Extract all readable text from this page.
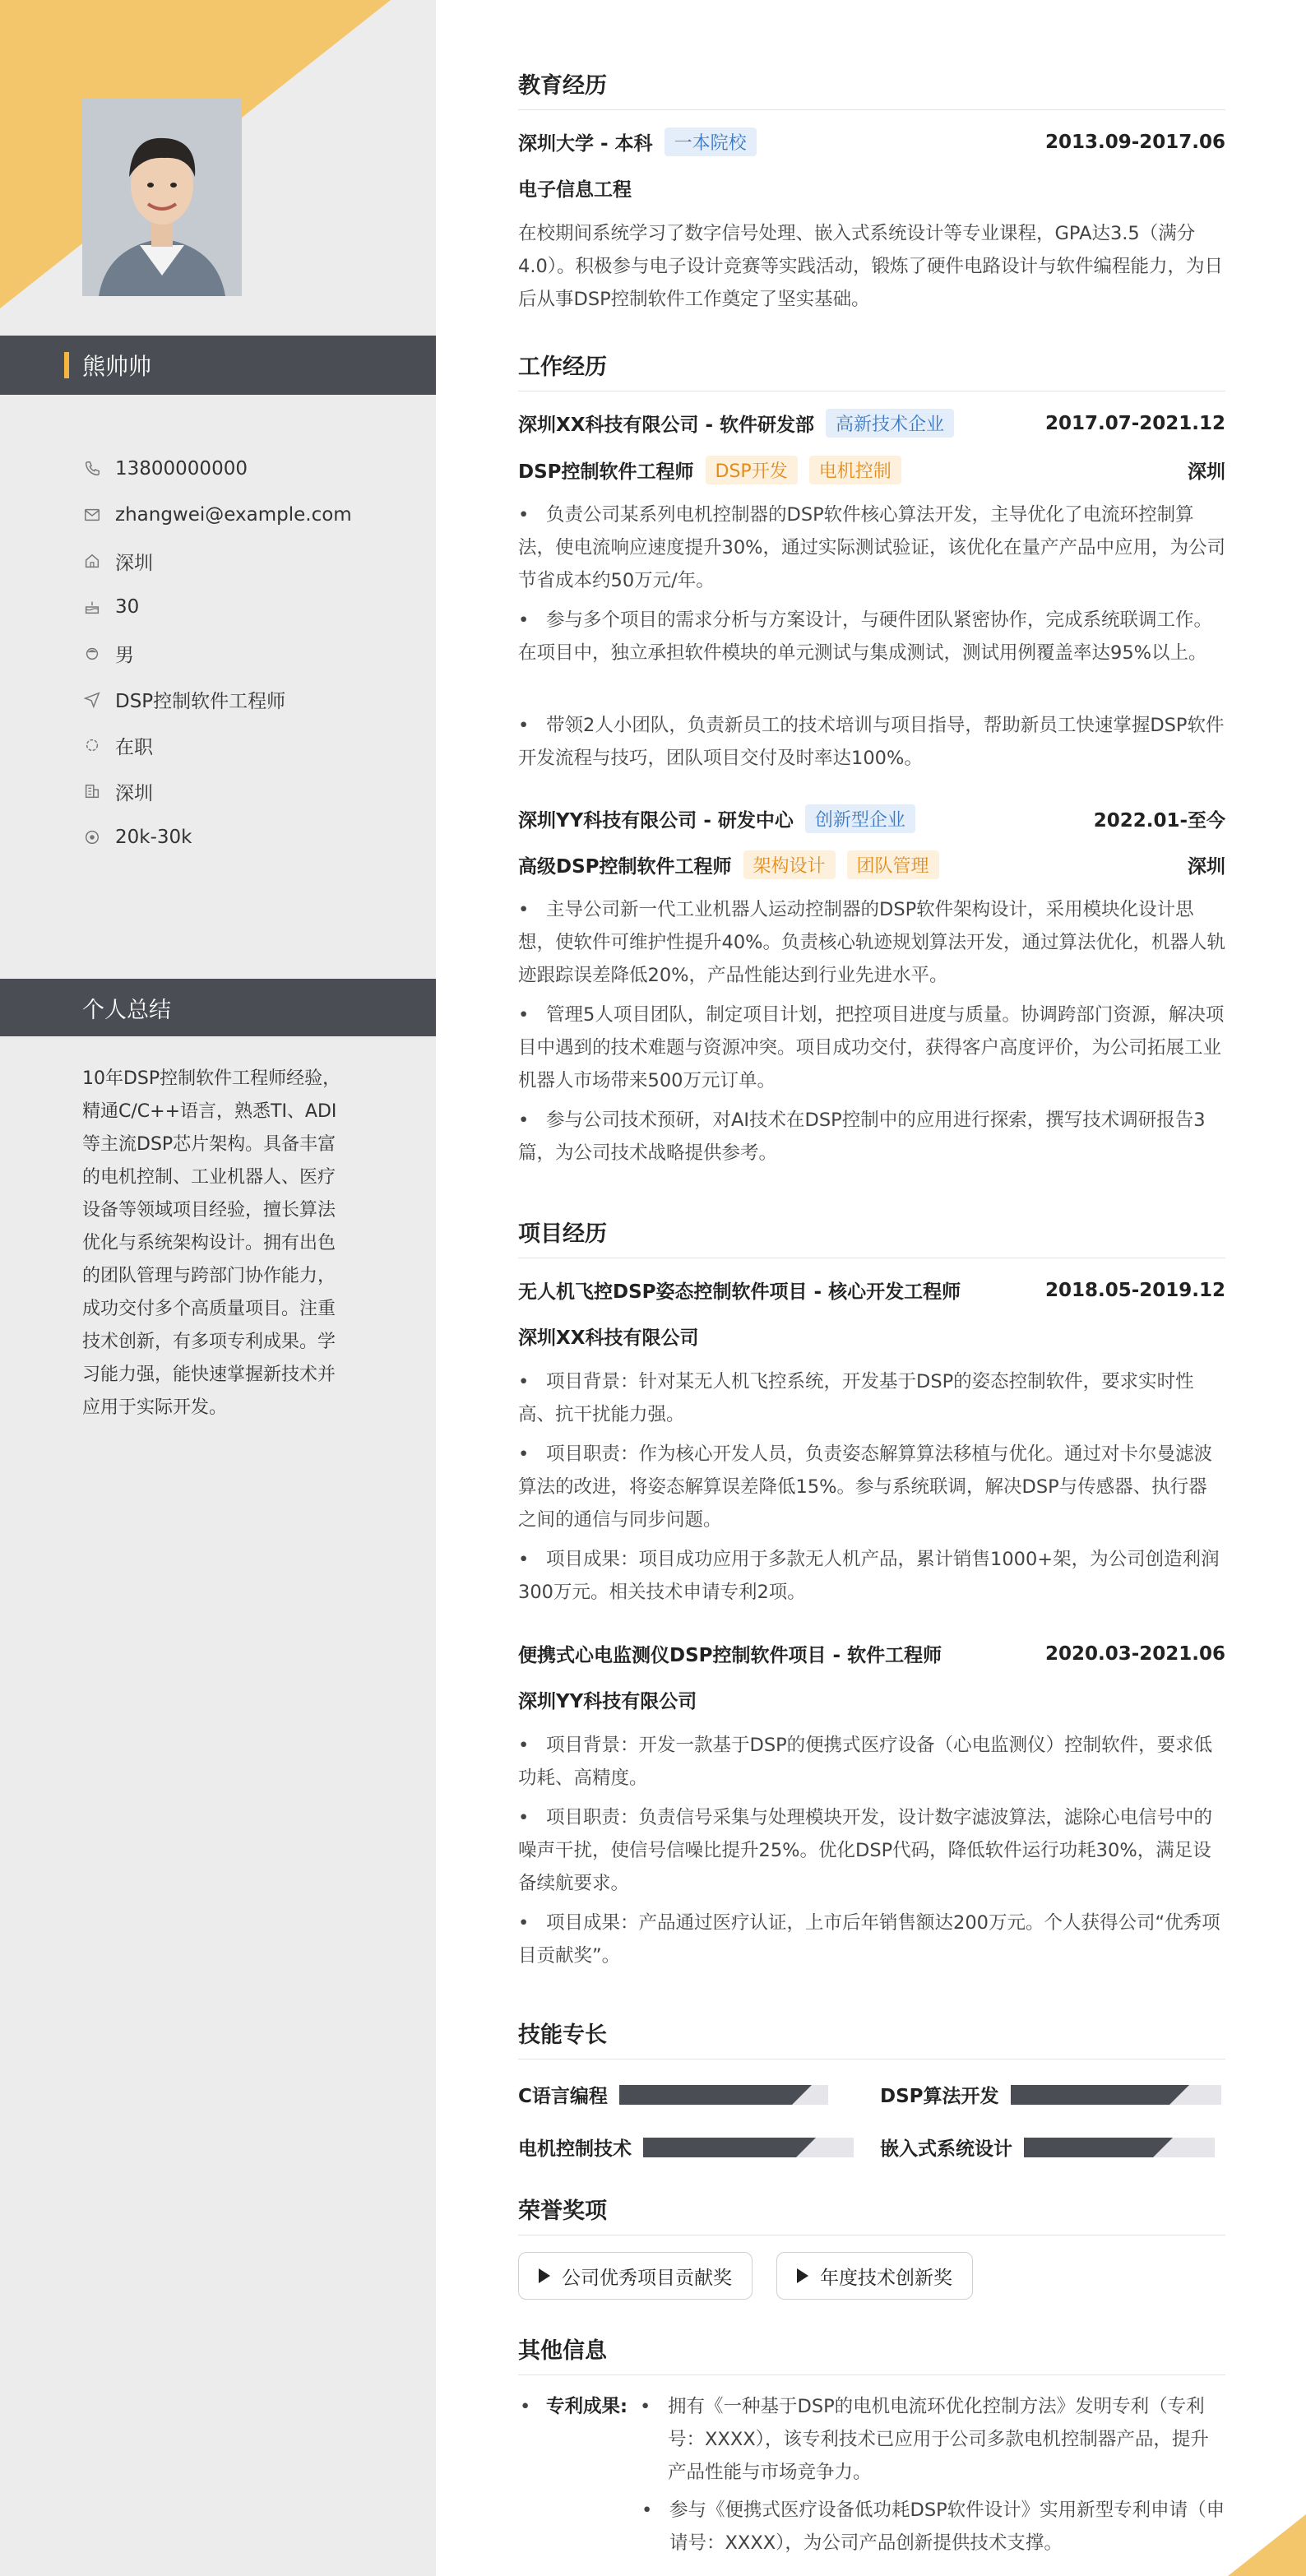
熊帅帅
13800000000
zhangwei@example.com
深圳
30
男
DSP控制软件工程师
在职
深圳
20k-30k
个人总结
10年DSP控制软件工程师经验，精通C/C++语言，熟悉TI、ADI等主流DSP芯片架构。具备丰富的电机控制、工业机器人、医疗设备等领域项目经验，擅长算法优化与系统架构设计。拥有出色的团队管理与跨部门协作能力，成功交付多个高质量项目。注重技术创新，有多项专利成果。学习能力强，能快速掌握新技术并应用于实际开发。
教育经历
深圳大学 - 本科	一本院校	2013.09-2017.06
电子信息工程
在校期间系统学习了数字信号处理、嵌入式系统设计等专业课程，GPA达3.5（满分4.0）。积极参与电子设计竞赛等实践活动，锻炼了硬件电路设计与软件编程能力，为日后从事DSP控制软件工作奠定了坚实基础。
工作经历
深圳XX科技有限公司 - 软件研发部	高新技术企业	2017.07-2021.12
DSP控制软件工程师	DSP开发	电机控制	深圳
• 负责公司某系列电机控制器的DSP软件核心算法开发，主导优化了电流环控制算法，使电流响应速度提升30%，通过实际测试验证，该优化在量产产品中应用，为公司节省成本约50万元/年。
• 参与多个项目的需求分析与方案设计，与硬件团队紧密协作，完成系统联调工作。在项目中，独立承担软件模块的单元测试与集成测试，测试用例覆盖率达95%以上。
• 带领2人小团队，负责新员工的技术培训与项目指导，帮助新员工快速掌握DSP软件开发流程与技巧，团队项目交付及时率达100%。
深圳YY科技有限公司 - 研发中心	创新型企业	2022.01-至今
高级DSP控制软件工程师	架构设计	团队管理	深圳
• 主导公司新一代工业机器人运动控制器的DSP软件架构设计，采用模块化设计思想，使软件可维护性提升40%。负责核心轨迹规划算法开发，通过算法优化，机器人轨迹跟踪误差降低20%，产品性能达到行业先进水平。
• 管理5人项目团队，制定项目计划，把控项目进度与质量。协调跨部门资源，解决项目中遇到的技术难题与资源冲突。项目成功交付，获得客户高度评价，为公司拓展工业机器人市场带来500万元订单。
• 参与公司技术预研，对AI技术在DSP控制中的应用进行探索，撰写技术调研报告3篇，为公司技术战略提供参考。
项目经历
无人机飞控DSP姿态控制软件项目 - 核心开发工程师	2018.05-2019.12
深圳XX科技有限公司
• 项目背景：针对某无人机飞控系统，开发基于DSP的姿态控制软件，要求实时性高、抗干扰能力强。
• 项目职责：作为核心开发人员，负责姿态解算算法移植与优化。通过对卡尔曼滤波算法的改进，将姿态解算误差降低15%。参与系统联调，解决DSP与传感器、执行器之间的通信与同步问题。
• 项目成果：项目成功应用于多款无人机产品，累计销售1000+架，为公司创造利润300万元。相关技术申请专利2项。
便携式心电监测仪DSP控制软件项目 - 软件工程师	2020.03-2021.06
深圳YY科技有限公司
• 项目背景：开发一款基于DSP的便携式医疗设备（心电监测仪）控制软件，要求低功耗、高精度。
• 项目职责：负责信号采集与处理模块开发，设计数字滤波算法，滤除心电信号中的噪声干扰，使信号信噪比提升25%。优化DSP代码，降低软件运行功耗30%，满足设备续航要求。
• 项目成果：产品通过医疗认证，上市后年销售额达200万元。个人获得公司“优秀项目贡献奖”。
技能专长
C语言编程	DSP算法开发
电机控制技术	嵌入式系统设计
荣誉奖项
公司优秀项目贡献奖	年度技术创新奖
其他信息
• 专利成果: • 拥有《一种基于DSP的电机电流环优化控制方法》发明专利（专利号：XXXX），该专利技术已应用于公司多款电机控制器产品，提升产品性能与市场竞争力。
• 参与《便携式医疗设备低功耗DSP软件设计》实用新型专利申请（申请号：XXXX），为公司产品创新提供技术支撑。
